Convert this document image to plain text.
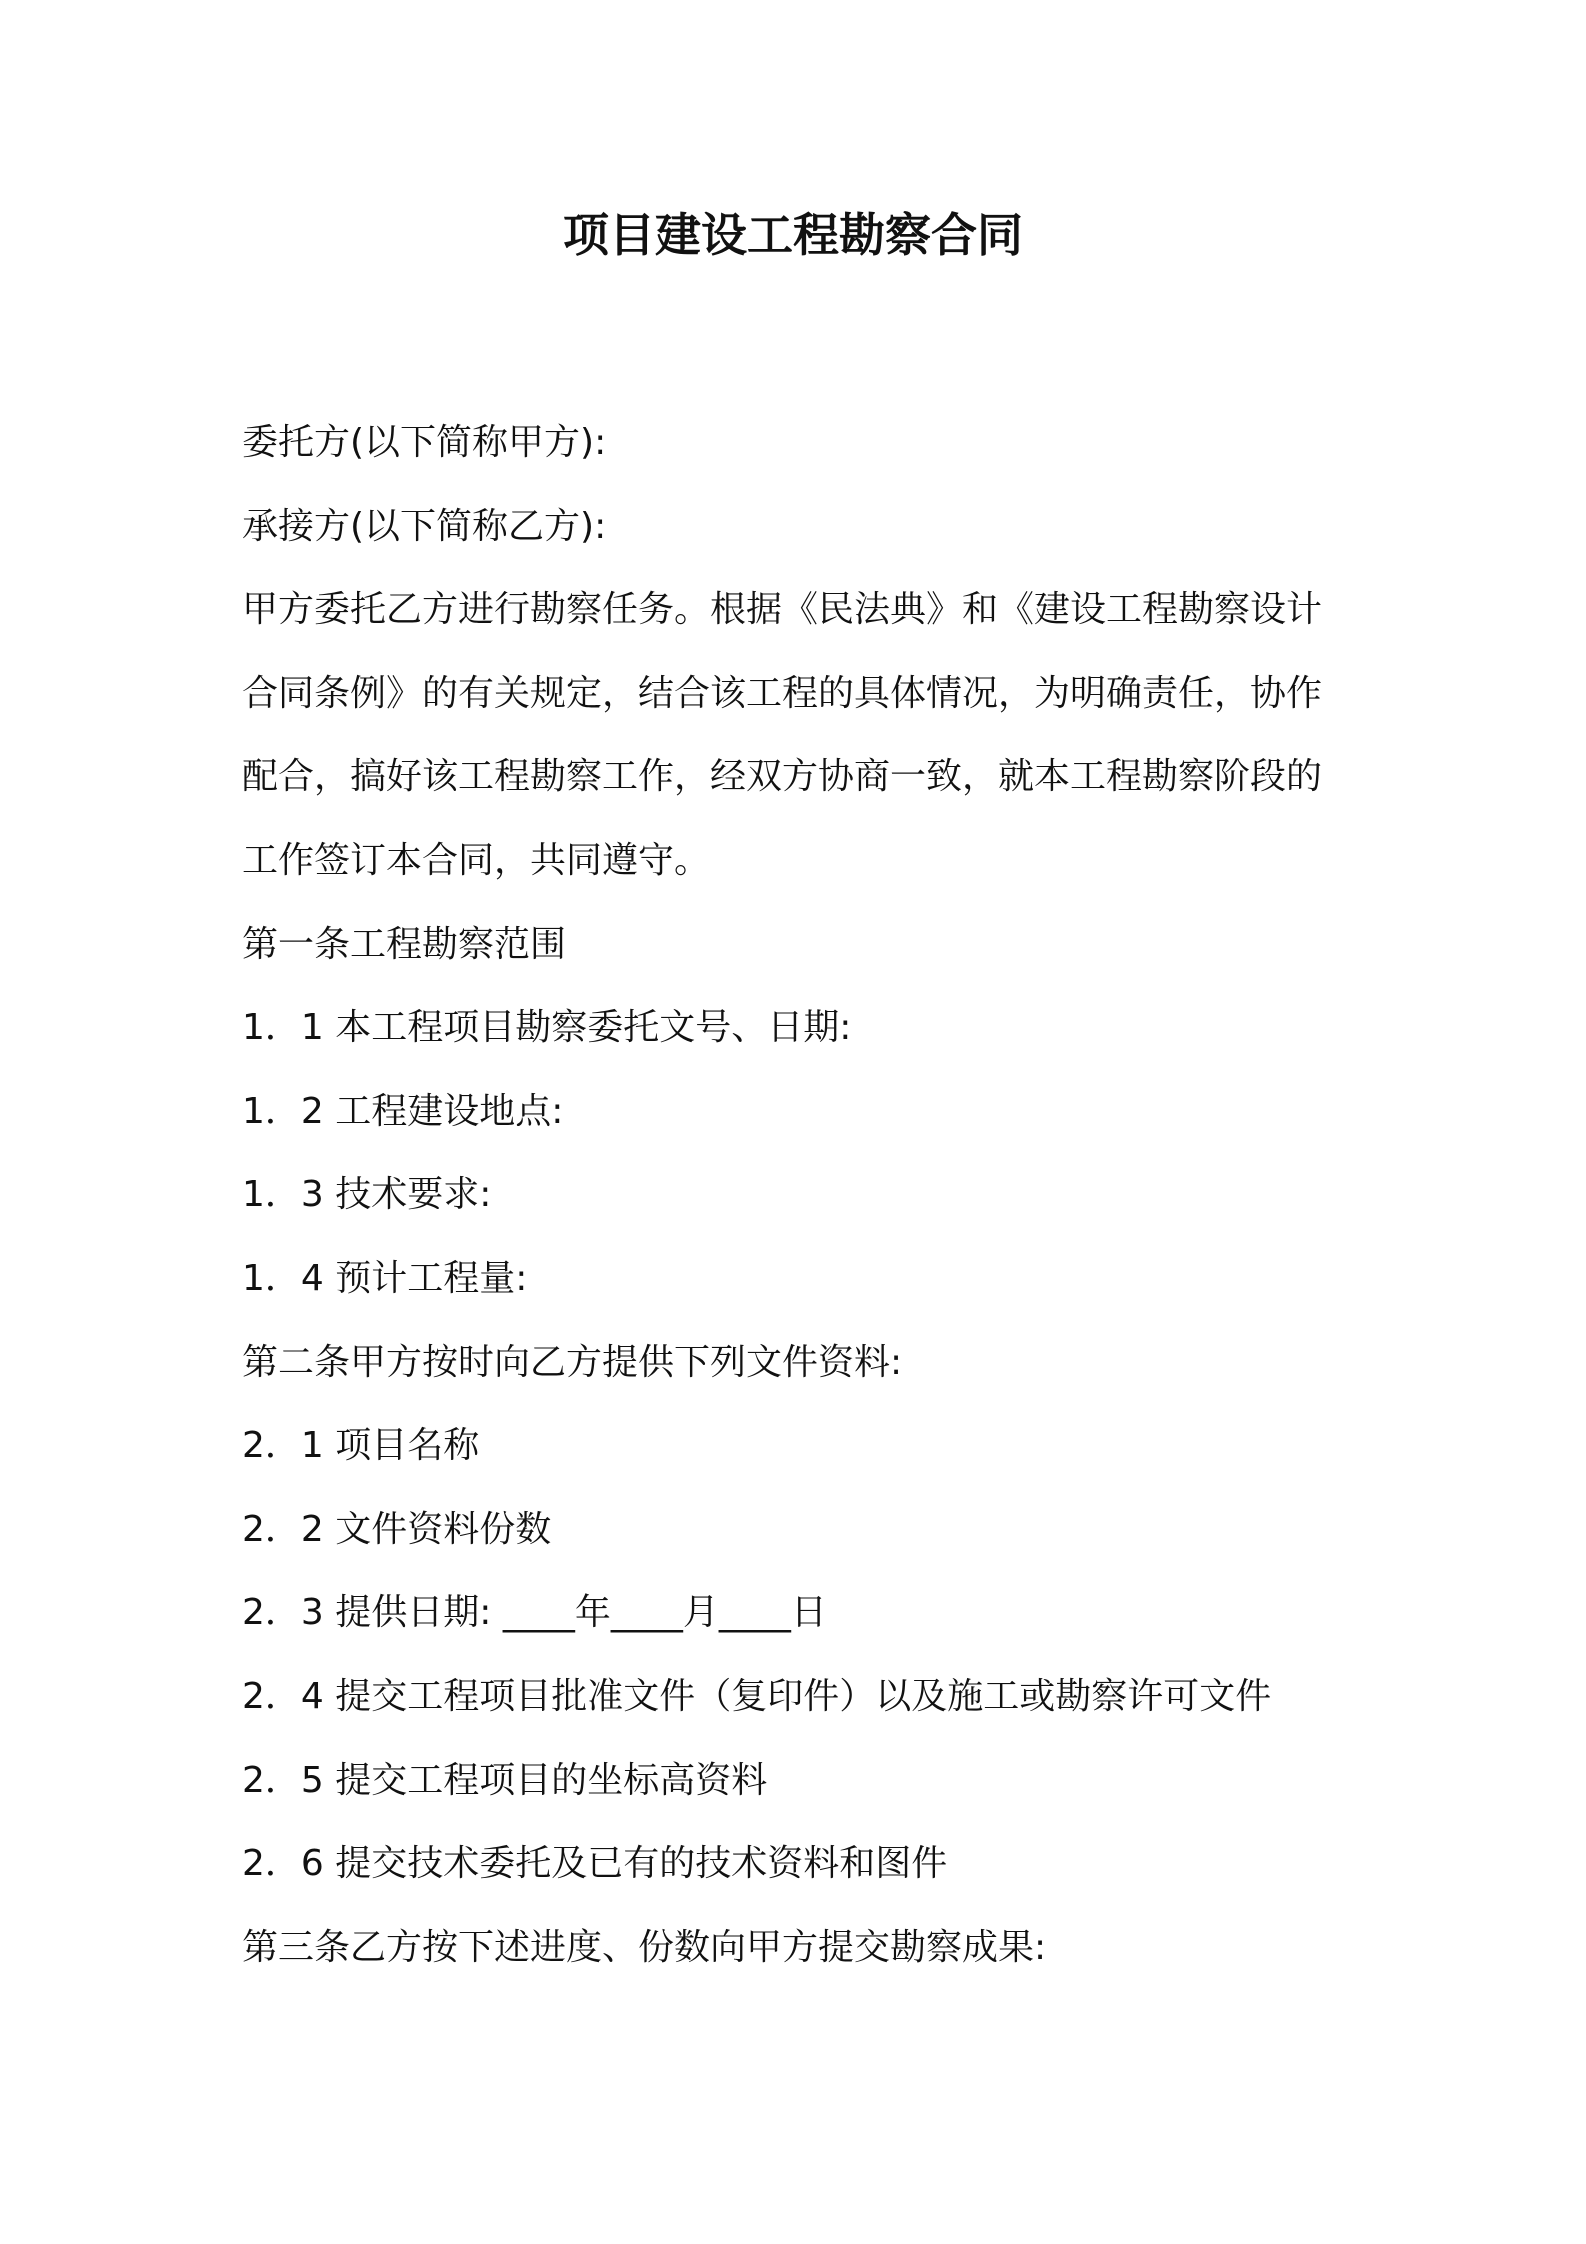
项目建设工程勘察合同
委托方(以下简称甲方):
承接方(以下简称乙方):
甲方委托乙方进行勘察任务。根据《民法典》和《建设工程勘察设计
合同条例》的有关规定，结合该工程的具体情况，为明确责任，协作
配合，搞好该工程勘察工作，经双方协商一致，就本工程勘察阶段的
工作签订本合同，共同遵守。
第一条工程勘察范围
1．1 本工程项目勘察委托文号、日期:
1．2 工程建设地点:
1．3 技术要求:
1．4 预计工程量:
第二条甲方按时向乙方提供下列文件资料:
2．1 项目名称
2．2 文件资料份数
2．3 提供日期: ____年____月____日
2．4 提交工程项目批准文件（复印件）以及施工或勘察许可文件
2．5 提交工程项目的坐标高资料
2．6 提交技术委托及已有的技术资料和图件
第三条乙方按下述进度、份数向甲方提交勘察成果:
